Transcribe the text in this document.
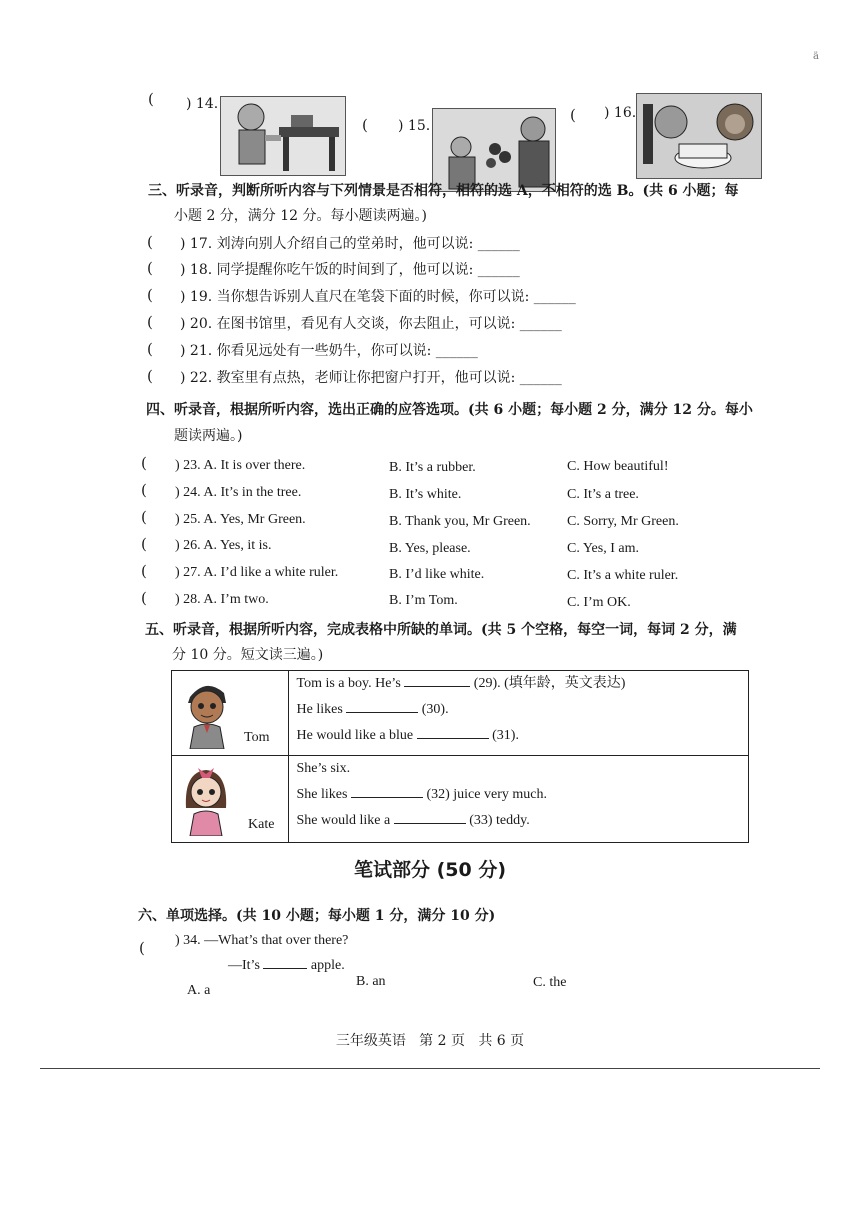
ä
( ) 14.
( ) 15.
( ) 16.
三、听录音，判断所听内容与下列情景是否相符，相符的选 A，不相符的选 B。(共 6 小题；每
小题 2 分，满分 12 分。每小题读两遍。)
( ) 17. 刘涛向别人介绍自己的堂弟时，他可以说: ______
( ) 18. 同学提醒你吃午饭的时间到了，他可以说: ______
( ) 19. 当你想告诉别人直尺在笔袋下面的时候，你可以说: ______
( ) 20. 在图书馆里，看见有人交谈，你去阻止，可以说: ______
( ) 21. 你看见远处有一些奶牛，你可以说: ______
( ) 22. 教室里有点热，老师让你把窗户打开，他可以说: ______
四、听录音，根据所听内容，选出正确的应答选项。(共 6 小题；每小题 2 分，满分 12 分。每小
题读两遍。)
( ) 23. A. It is over there.	B. It’s a rubber.	C. How beautiful!
( ) 24. A. It’s in the tree.	B. It’s white.	C. It’s a tree.
( ) 25. A. Yes, Mr Green.	B. Thank you, Mr Green.	C. Sorry, Mr Green.
( ) 26. A. Yes, it is.	B. Yes, please.	C. Yes, I am.
( ) 27. A. I’d like a white ruler.	B. I’d like white.	C. It’s a white ruler.
( ) 28. A. I’m two.	B. I’m Tom.	C. I’m OK.
五、听录音，根据所听内容，完成表格中所缺的单词。(共 5 个空格，每空一词，每词 2 分，满
分 10 分。短文读三遍。)
Tom	Tom is a boy. He’s (29). (填年龄，英文表达)
He likes (30).
He would like a blue (31).

Kate	She’s six.
She likes (32) juice very much.
She would like a (33) teddy.
笔试部分 (50 分)
六、单项选择。(共 10 小题；每小题 1 分，满分 10 分)
( ) 34. —What’s that over there?
—It’s	apple.
A. a
B. an	C. the
三年级英语   第 2 页   共 6 页
